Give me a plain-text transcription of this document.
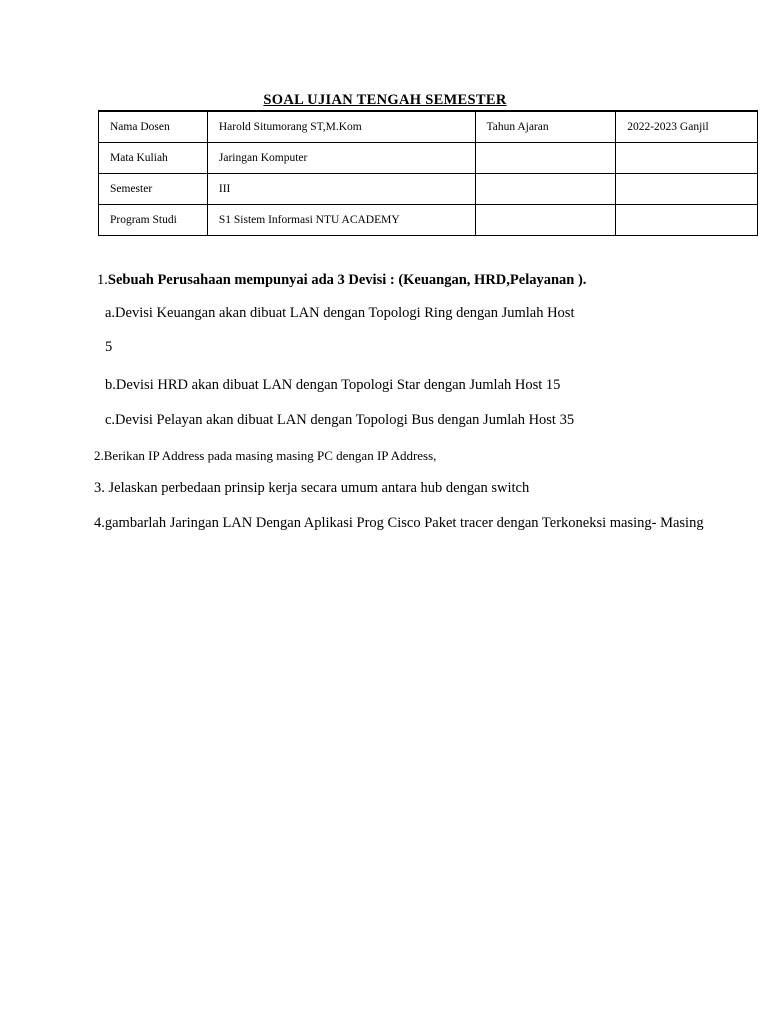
SOAL UJIAN TENGAH SEMESTER
Nama Dosen	Harold Situmorang ST,M.Kom	Tahun Ajaran	2022-2023 Ganjil
Mata Kuliah	Jaringan Komputer		
Semester	III		
Program Studi	S1 Sistem Informasi NTU ACADEMY		

1.Sebuah Perusahaan mempunyai ada 3 Devisi : (Keuangan, HRD,Pelayanan ).

a.Devisi Keuangan akan dibuat LAN dengan Topologi Ring dengan Jumlah Host

5

b.Devisi HRD akan dibuat LAN dengan Topologi Star dengan Jumlah Host 15

c.Devisi Pelayan akan dibuat LAN dengan Topologi Bus dengan Jumlah Host 35

2.Berikan IP Address pada masing masing PC dengan IP Address,

3. Jelaskan perbedaan prinsip kerja secara umum antara hub dengan switch

4.gambarlah Jaringan LAN Dengan Aplikasi Prog Cisco Paket tracer dengan Terkoneksi masing- Masing
